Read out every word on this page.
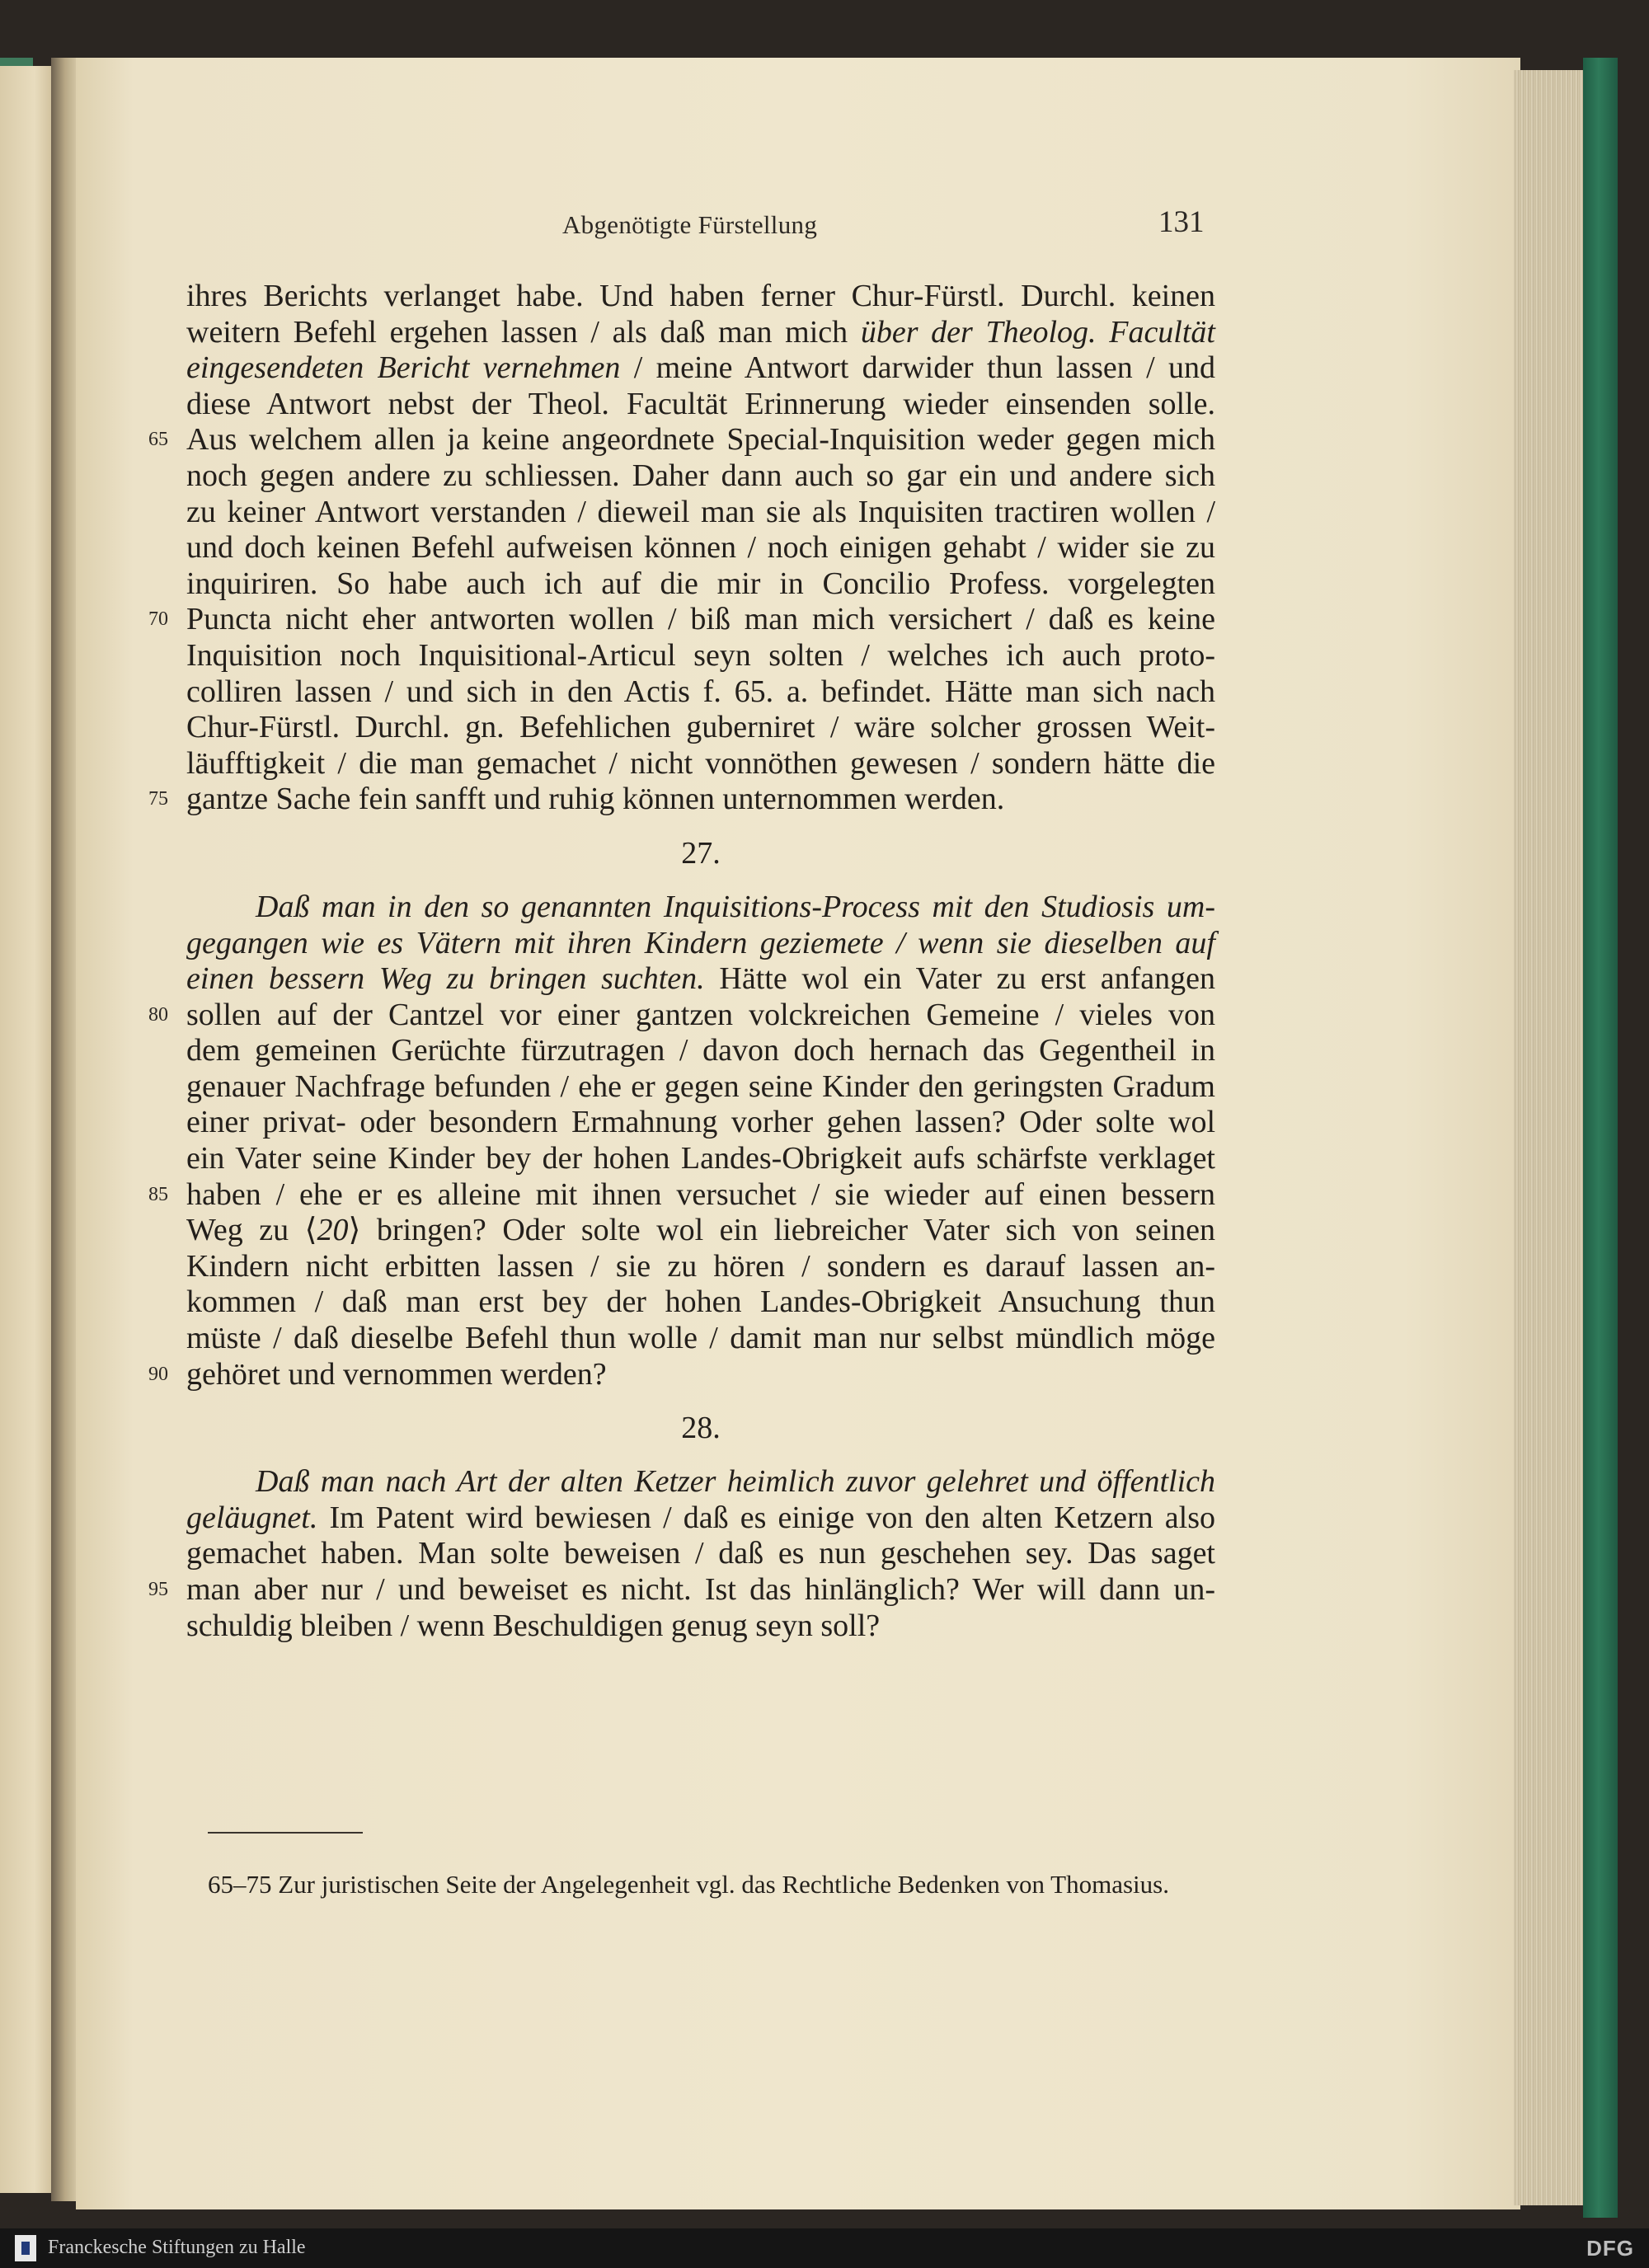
Abgenötigte Fürstellung	131
ihres Berichts verlanget habe. Und haben ferner Chur-Fürstl. Durchl. keinen
weitern Befehl ergehen lassen / als daß man mich über der Theolog. Facultät
eingesendeten Bericht vernehmen / meine Antwort darwider thun lassen / und
diese Antwort nebst der Theol. Facultät Erinnerung wieder einsenden solle.
65 Aus welchem allen ja keine angeordnete Special-Inquisition weder gegen mich
noch gegen andere zu schliessen. Daher dann auch so gar ein und andere sich
zu keiner Antwort verstanden / dieweil man sie als Inquisiten tractiren wollen /
und doch keinen Befehl aufweisen können / noch einigen gehabt / wider sie zu
inquiriren. So habe auch ich auf die mir in Concilio Profess. vorgelegten
70 Puncta nicht eher antworten wollen / biß man mich versichert / daß es keine
Inquisition noch Inquisitional-Articul seyn solten / welches ich auch proto-
colliren lassen / und sich in den Actis f. 65. a. befindet. Hätte man sich nach
Chur-Fürstl. Durchl. gn. Befehlichen guberniret / wäre solcher grossen Weit-
läufftigkeit / die man gemachet / nicht vonnöthen gewesen / sondern hätte die
75 gantze Sache fein sanfft und ruhig können unternommen werden.
27.
Daß man in den so genannten Inquisitions-Process mit den Studiosis um-
gegangen wie es Vätern mit ihren Kindern geziemete / wenn sie dieselben auf
einen bessern Weg zu bringen suchten. Hätte wol ein Vater zu erst anfangen
80 sollen auf der Cantzel vor einer gantzen volckreichen Gemeine / vieles von
dem gemeinen Gerüchte fürzutragen / davon doch hernach das Gegentheil in
genauer Nachfrage befunden / ehe er gegen seine Kinder den geringsten Gradum
einer privat- oder besondern Ermahnung vorher gehen lassen? Oder solte wol
ein Vater seine Kinder bey der hohen Landes-Obrigkeit aufs schärfste verklaget
85 haben / ehe er es alleine mit ihnen versuchet / sie wieder auf einen bessern
Weg zu ⟨20⟩ bringen? Oder solte wol ein liebreicher Vater sich von seinen
Kindern nicht erbitten lassen / sie zu hören / sondern es darauf lassen an-
kommen / daß man erst bey der hohen Landes-Obrigkeit Ansuchung thun
müste / daß dieselbe Befehl thun wolle / damit man nur selbst mündlich möge
90 gehöret und vernommen werden?
28.
Daß man nach Art der alten Ketzer heimlich zuvor gelehret und öffentlich
geläugnet. Im Patent wird bewiesen / daß es einige von den alten Ketzern also
gemachet haben. Man solte beweisen / daß es nun geschehen sey. Das saget
95 man aber nur / und beweiset es nicht. Ist das hinlänglich? Wer will dann un-
schuldig bleiben / wenn Beschuldigen genug seyn soll?
65–75 Zur juristischen Seite der Angelegenheit vgl. das Rechtliche Bedenken von Thomasius.
Franckesche Stiftungen zu Halle	DFG
